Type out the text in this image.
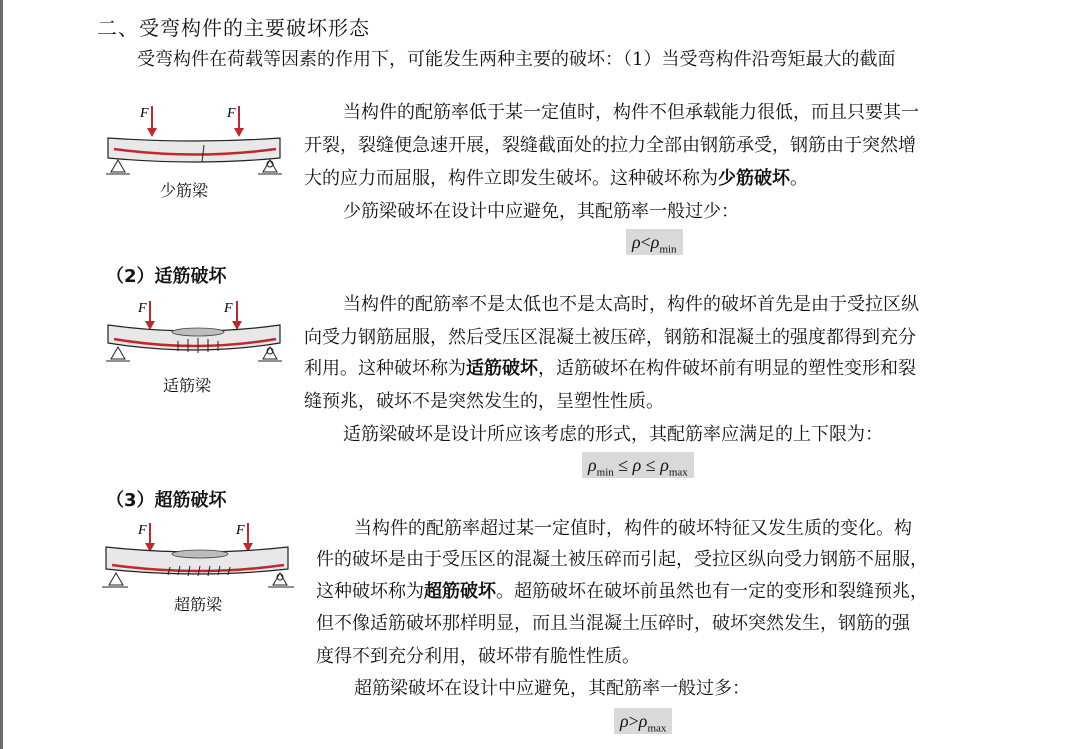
二、受弯构件的主要破坏形态
受弯构件在荷载等因素的作用下，可能发生两种主要的破坏：（1）当受弯构件沿弯矩最大的截面
F	F
少筋梁
当构件的配筋率低于某一定值时，构件不但承载能力很低，而且只要其一
开裂，裂缝便急速开展，裂缝截面处的拉力全部由钢筋承受，钢筋由于突然增
大的应力而屈服，构件立即发生破坏。这种破坏称为少筋破坏。
少筋梁破坏在设计中应避免，其配筋率一般过少：
$\rho<\rho_{min}$
（2）适筋破坏
F	F
适筋梁
当构件的配筋率不是太低也不是太高时，构件的破坏首先是由于受拉区纵
向受力钢筋屈服，然后受压区混凝土被压碎，钢筋和混凝土的强度都得到充分
利用。这种破坏称为适筋破坏，适筋破坏在构件破坏前有明显的塑性变形和裂
缝预兆，破坏不是突然发生的，呈塑性性质。
适筋梁破坏是设计所应该考虑的形式，其配筋率应满足的上下限为：
$\rho_{min} \le \rho \le \rho_{max}$
（3）超筋破坏
F	F
超筋梁
当构件的配筋率超过某一定值时，构件的破坏特征又发生质的变化。构
件的破坏是由于受压区的混凝土被压碎而引起，受拉区纵向受力钢筋不屈服，
这种破坏称为超筋破坏。超筋破坏在破坏前虽然也有一定的变形和裂缝预兆，
但不像适筋破坏那样明显，而且当混凝土压碎时，破坏突然发生，钢筋的强
度得不到充分利用，破坏带有脆性性质。
超筋梁破坏在设计中应避免，其配筋率一般过多：
$\rho>\rho_{max}$
